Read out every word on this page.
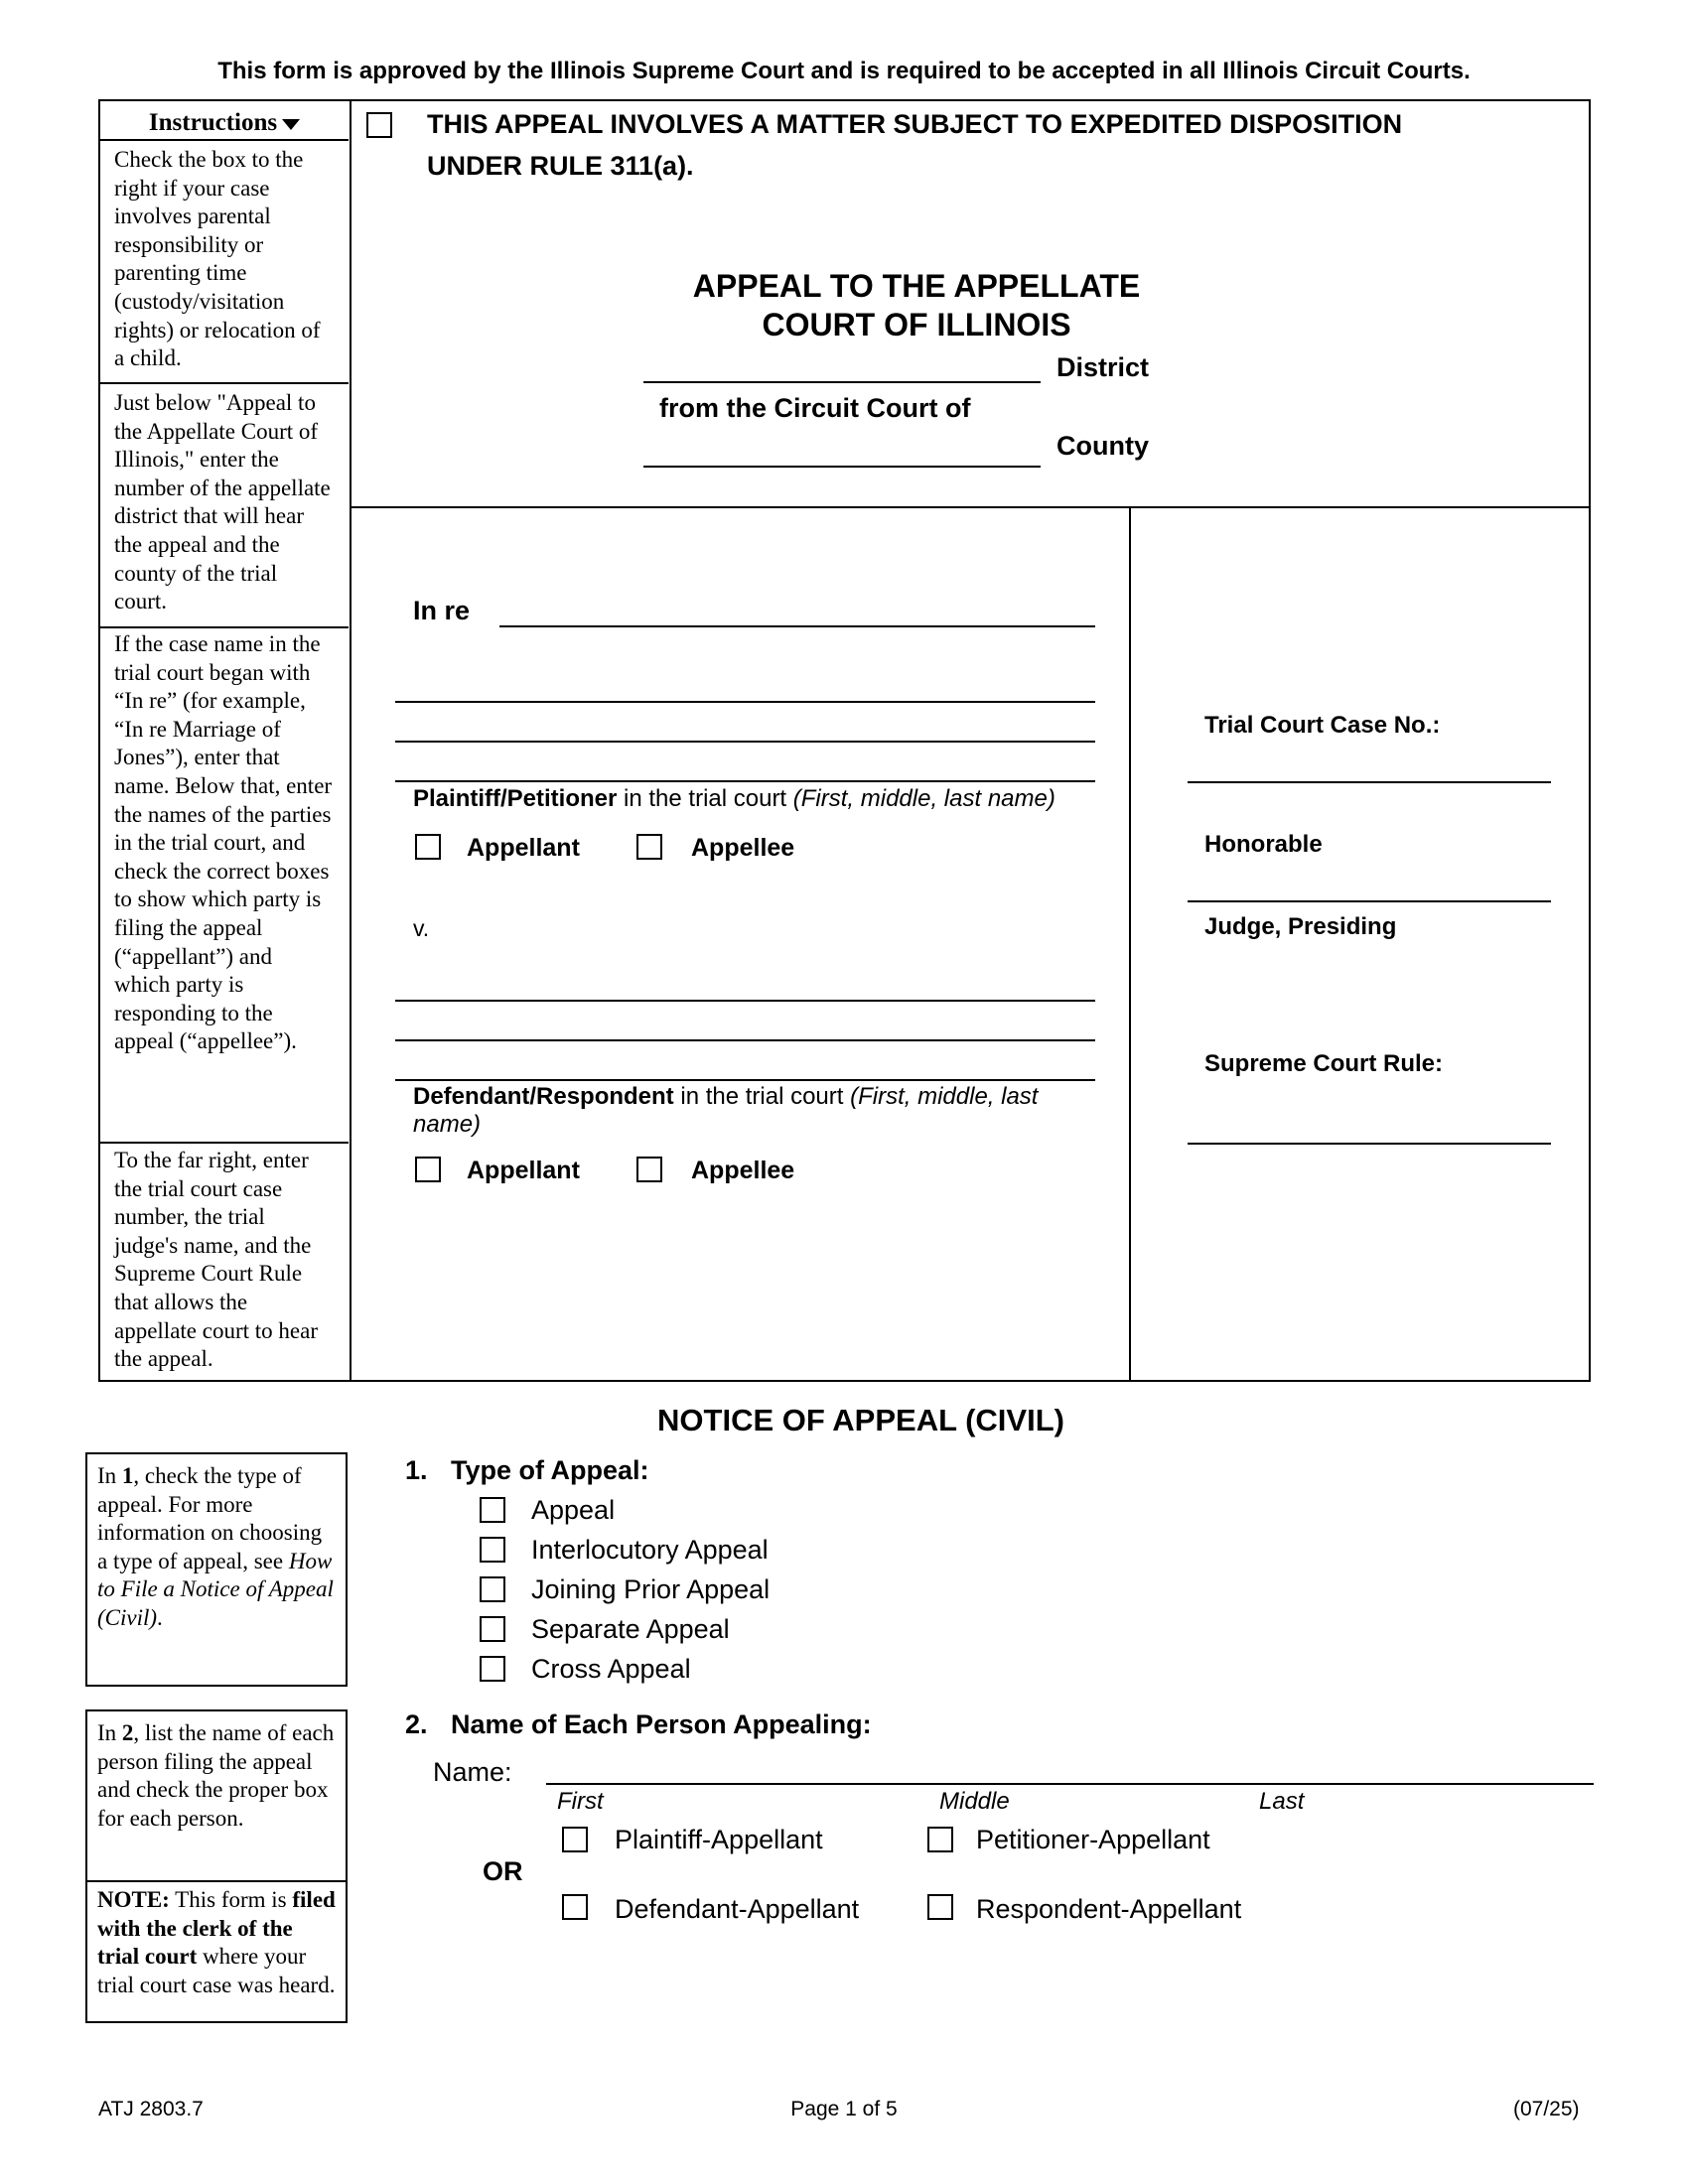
This form is approved by the Illinois Supreme Court and is required to be accepted in all Illinois Circuit Courts.
Instructions
Check the box to the right if your case involves parental responsibility or parenting time (custody/visitation rights) or relocation of a child.
Just below "Appeal to the Appellate Court of Illinois," enter the number of the appellate district that will hear the appeal and the county of the trial court.
If the case name in the trial court began with “In re” (for example, “In re Marriage of Jones”), enter that name. Below that, enter the names of the parties in the trial court, and check the correct boxes to show which party is filing the appeal (“appellant”) and which party is responding to the appeal (“appellee”).
To the far right, enter the trial court case number, the trial judge's name, and the Supreme Court Rule that allows the appellate court to hear the appeal.
THIS APPEAL INVOLVES A MATTER SUBJECT TO EXPEDITED DISPOSITION
UNDER RULE 311(a).
APPEAL TO THE APPELLATE
COURT OF ILLINOIS
District
from the Circuit Court of
County
In re
Plaintiff/Petitioner in the trial court (First, middle, last name)
Appellant	Appellee
v.
Defendant/Respondent in the trial court (First, middle, last
name)
Appellant	Appellee
Trial Court Case No.:
Honorable
Judge, Presiding
Supreme Court Rule:
NOTICE OF APPEAL (CIVIL)
In 1, check the type of appeal. For more information on choosing a type of appeal, see How to File a Notice of Appeal (Civil).
In 2, list the name of each person filing the appeal and check the proper box for each person.
NOTE: This form is filed with the clerk of the trial court where your trial court case was heard.
1. Type of Appeal:
Appeal
Interlocutory Appeal
Joining Prior Appeal
Separate Appeal
Cross Appeal
2. Name of Each Person Appealing:
Name:
First	Middle	Last
Plaintiff-Appellant	Petitioner-Appellant
OR
Defendant-Appellant	Respondent-Appellant
ATJ 2803.7	Page 1 of 5	(07/25)
